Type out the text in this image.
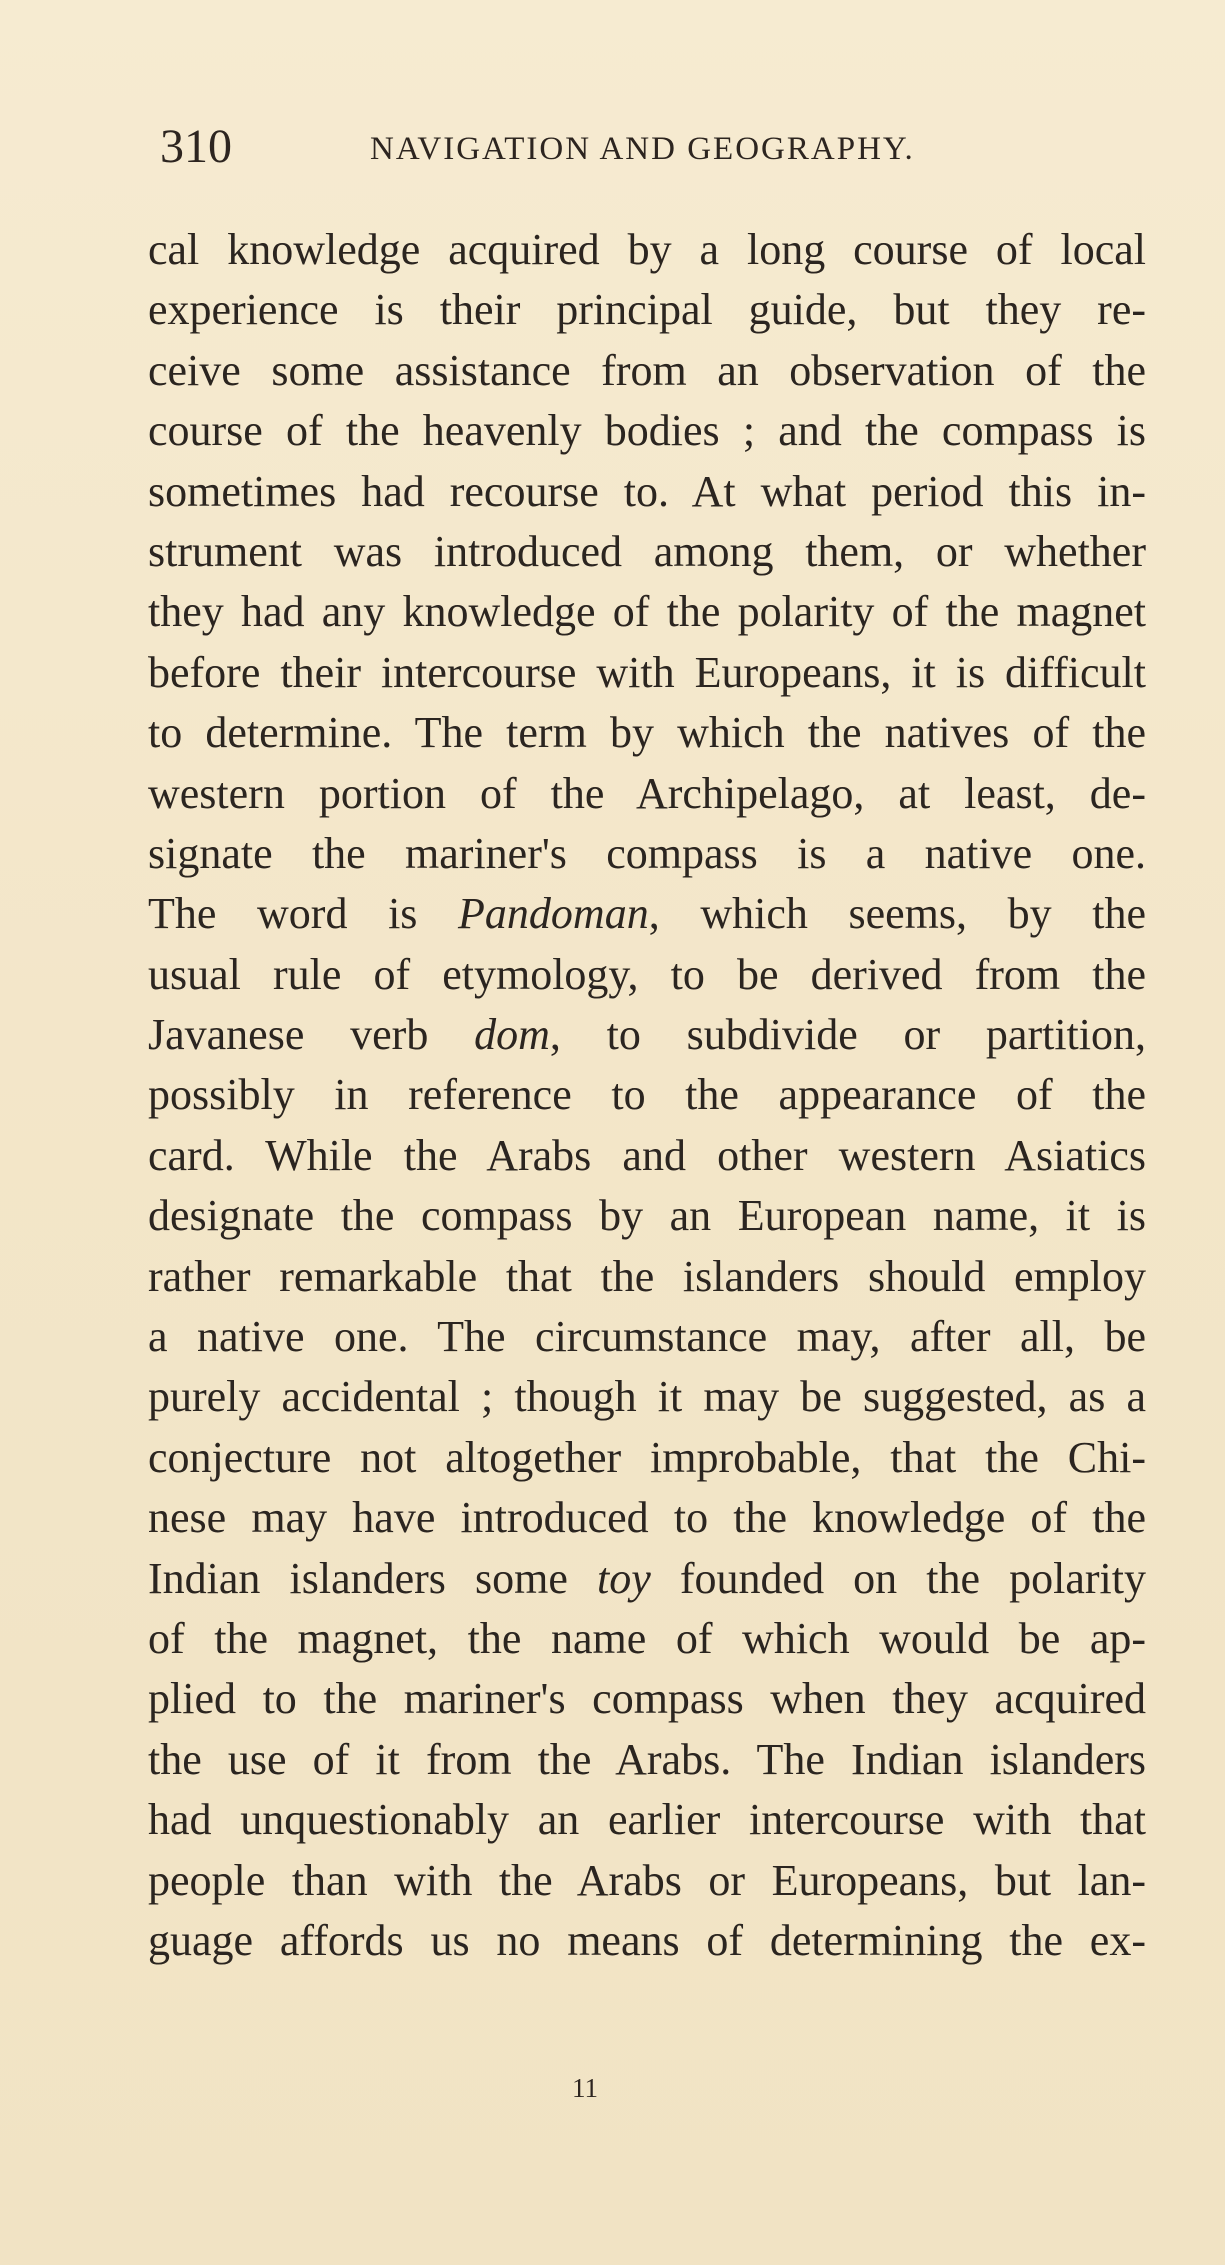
310	NAVIGATION AND GEOGRAPHY.
cal knowledge acquired by a long course of local
experience is their principal guide, but they re-
ceive some assistance from an observation of the
course of the heavenly bodies ; and the compass is
sometimes had recourse to. At what period this in-
strument was introduced among them, or whether
they had any knowledge of the polarity of the magnet
before their intercourse with Europeans, it is difficult
to determine. The term by which the natives of the
western portion of the Archipelago, at least, de-
signate the mariner's compass is a native one.
The word is Pandoman, which seems, by the
usual rule of etymology, to be derived from the
Javanese verb dom, to subdivide or partition,
possibly in reference to the appearance of the
card. While the Arabs and other western Asiatics
designate the compass by an European name, it is
rather remarkable that the islanders should employ
a native one. The circumstance may, after all, be
purely accidental ; though it may be suggested, as a
conjecture not altogether improbable, that the Chi-
nese may have introduced to the knowledge of the
Indian islanders some toy founded on the polarity
of the magnet, the name of which would be ap-
plied to the mariner's compass when they acquired
the use of it from the Arabs. The Indian islanders
had unquestionably an earlier intercourse with that
people than with the Arabs or Europeans, but lan-
guage affords us no means of determining the ex-
11
